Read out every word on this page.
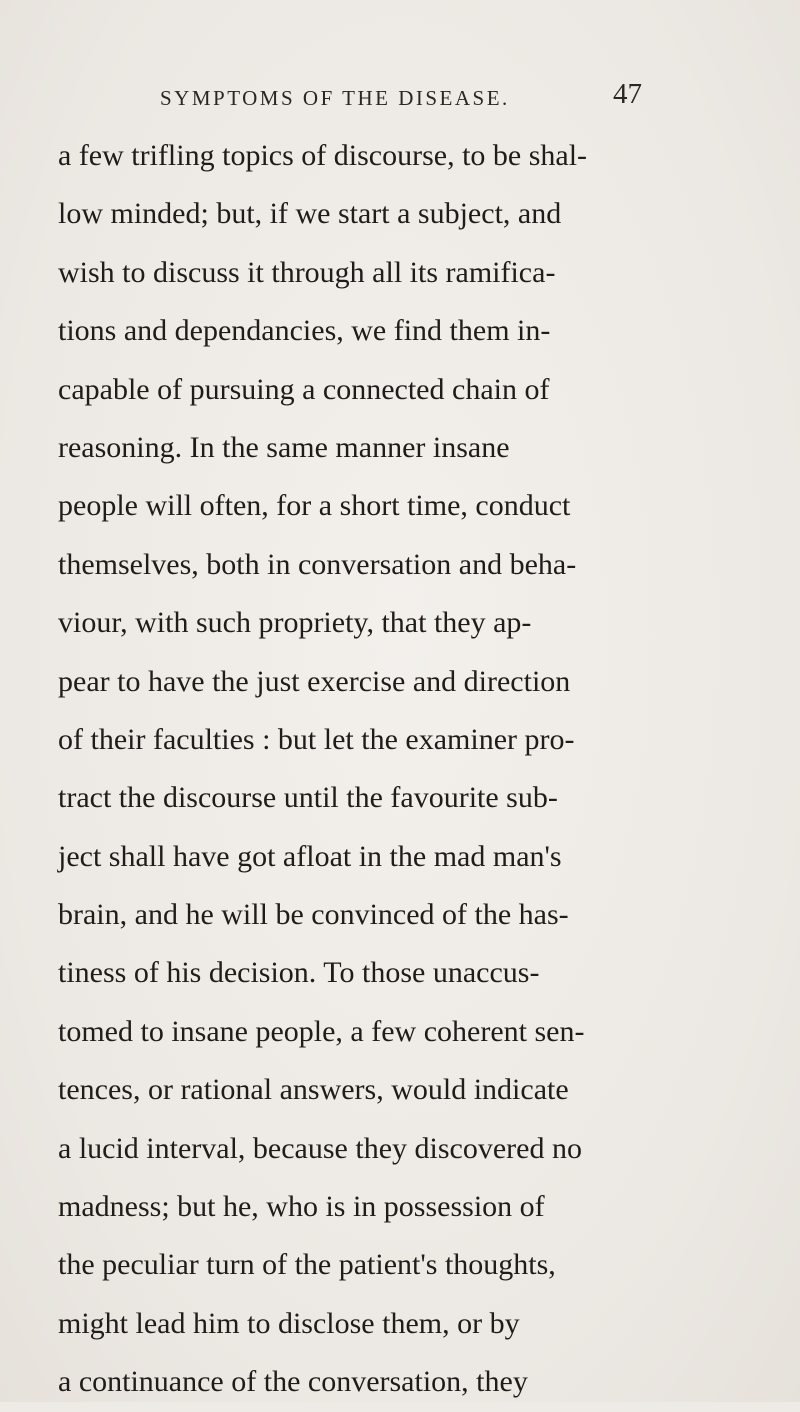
SYMPTOMS OF THE DISEASE.	47
a few trifling topics of discourse, to be shal-
low minded; but, if we start a subject, and
wish to discuss it through all its ramifica-
tions and dependancies, we find them in-
capable of pursuing a connected chain of
reasoning. In the same manner insane
people will often, for a short time, conduct
themselves, both in conversation and beha-
viour, with such propriety, that they ap-
pear to have the just exercise and direction
of their faculties : but let the examiner pro-
tract the discourse until the favourite sub-
ject shall have got afloat in the mad man's
brain, and he will be convinced of the has-
tiness of his decision. To those unaccus-
tomed to insane people, a few coherent sen-
tences, or rational answers, would indicate
a lucid interval, because they discovered no
madness; but he, who is in possession of
the peculiar turn of the patient's thoughts,
might lead him to disclose them, or by
a continuance of the conversation, they
